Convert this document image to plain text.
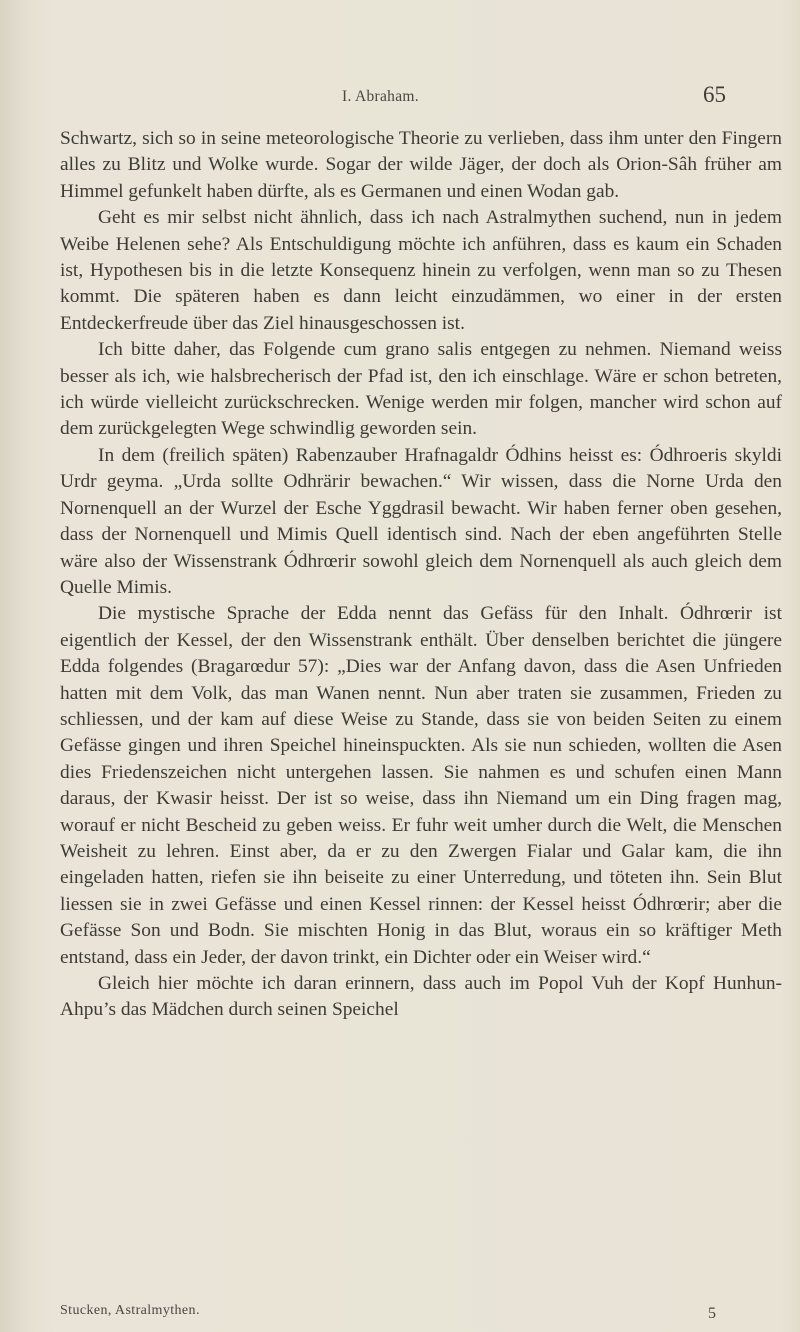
I. Abraham.	65

Schwartz, sich so in seine meteorologische Theorie zu verlieben, dass ihm unter den Fingern alles zu Blitz und Wolke wurde. Sogar der wilde Jäger, der doch als Orion-Sâh früher am Himmel gefunkelt haben dürfte, als es Germanen und einen Wodan gab.

Geht es mir selbst nicht ähnlich, dass ich nach Astralmythen suchend, nun in jedem Weibe Helenen sehe? Als Entschuldigung möchte ich anführen, dass es kaum ein Schaden ist, Hypothesen bis in die letzte Konsequenz hinein zu verfolgen, wenn man so zu Thesen kommt. Die späteren haben es dann leicht einzudämmen, wo einer in der ersten Entdeckerfreude über das Ziel hinausgeschossen ist.

Ich bitte daher, das Folgende cum grano salis entgegen zu nehmen. Niemand weiss besser als ich, wie halsbrecherisch der Pfad ist, den ich einschlage. Wäre er schon betreten, ich würde vielleicht zurückschrecken. Wenige werden mir folgen, mancher wird schon auf dem zurückgelegten Wege schwindlig geworden sein.

In dem (freilich späten) Rabenzauber Hrafnagaldr Ódhins heisst es: Ódhroeris skyldi Urdr geyma. „Urda sollte Odhrärir bewachen.“ Wir wissen, dass die Norne Urda den Nornenquell an der Wurzel der Esche Yggdrasil bewacht. Wir haben ferner oben gesehen, dass der Nornenquell und Mimis Quell identisch sind. Nach der eben angeführten Stelle wäre also der Wissenstrank Ódhrœrir sowohl gleich dem Nornenquell als auch gleich dem Quelle Mimis.

Die mystische Sprache der Edda nennt das Gefäss für den Inhalt. Ódhrœrir ist eigentlich der Kessel, der den Wissenstrank enthält. Über denselben berichtet die jüngere Edda folgendes (Bragarœdur 57): „Dies war der Anfang davon, dass die Asen Unfrieden hatten mit dem Volk, das man Wanen nennt. Nun aber traten sie zusammen, Frieden zu schliessen, und der kam auf diese Weise zu Stande, dass sie von beiden Seiten zu einem Gefässe gingen und ihren Speichel hineinspuckten. Als sie nun schieden, wollten die Asen dies Friedenszeichen nicht untergehen lassen. Sie nahmen es und schufen einen Mann daraus, der Kwasir heisst. Der ist so weise, dass ihn Niemand um ein Ding fragen mag, worauf er nicht Bescheid zu geben weiss. Er fuhr weit umher durch die Welt, die Menschen Weisheit zu lehren. Einst aber, da er zu den Zwergen Fialar und Galar kam, die ihn eingeladen hatten, riefen sie ihn beiseite zu einer Unterredung, und töteten ihn. Sein Blut liessen sie in zwei Gefässe und einen Kessel rinnen: der Kessel heisst Ódhrœrir; aber die Gefässe Son und Bodn. Sie mischten Honig in das Blut, woraus ein so kräftiger Meth entstand, dass ein Jeder, der davon trinkt, ein Dichter oder ein Weiser wird.“

Gleich hier möchte ich daran erinnern, dass auch im Popol Vuh der Kopf Hunhun-Ahpu’s das Mädchen durch seinen Speichel

Stucken, Astralmythen.	5
